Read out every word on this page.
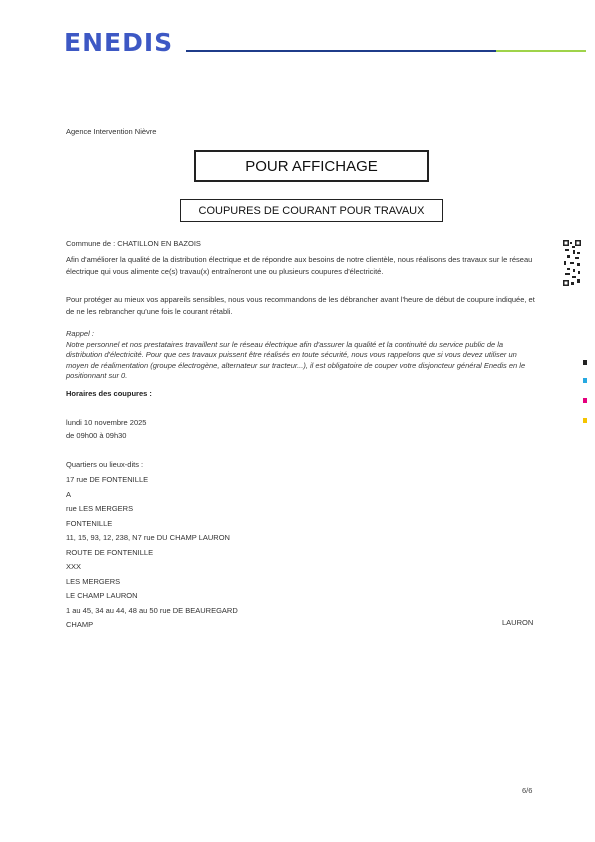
ENEDIS
Agence Intervention Nièvre
POUR AFFICHAGE
COUPURES DE COURANT POUR TRAVAUX
Commune de : CHATILLON EN BAZOIS
Afin d'améliorer la qualité de la distribution électrique et de répondre aux besoins de notre clientèle, nous réalisons des travaux sur le réseau électrique qui vous alimente ce(s) travau(x) entraîneront une ou plusieurs coupures d'électricité.
Pour protéger au mieux vos appareils sensibles, nous vous recommandons de les débrancher avant l'heure de début de coupure indiquée, et de ne les rebrancher qu'une fois le courant rétabli.
Rappel :
Notre personnel et nos prestataires travaillent sur le réseau électrique afin d'assurer la qualité et la continuité du service public de la distribution d'électricité. Pour que ces travaux puissent être réalisés en toute sécurité, nous vous rappelons que si vous devez utiliser un moyen de réalimentation (groupe électrogène, alternateur sur tracteur...), il est obligatoire de couper votre disjoncteur général Enedis en le positionnant sur 0.
Horaires des coupures :
lundi 10 novembre 2025
de 09h00 à 09h30
Quartiers ou lieux-dits :
17 rue DE FONTENILLE
A
rue LES MERGERS
FONTENILLE
11, 15, 93, 12, 238, N7 rue DU CHAMP LAURON
ROUTE DE FONTENILLE
XXX
LES MERGERS
LE CHAMP LAURON
1 au 45, 34 au 44, 48 au 50 rue DE BEAUREGARD
CHAMP	LAURON
6/6
